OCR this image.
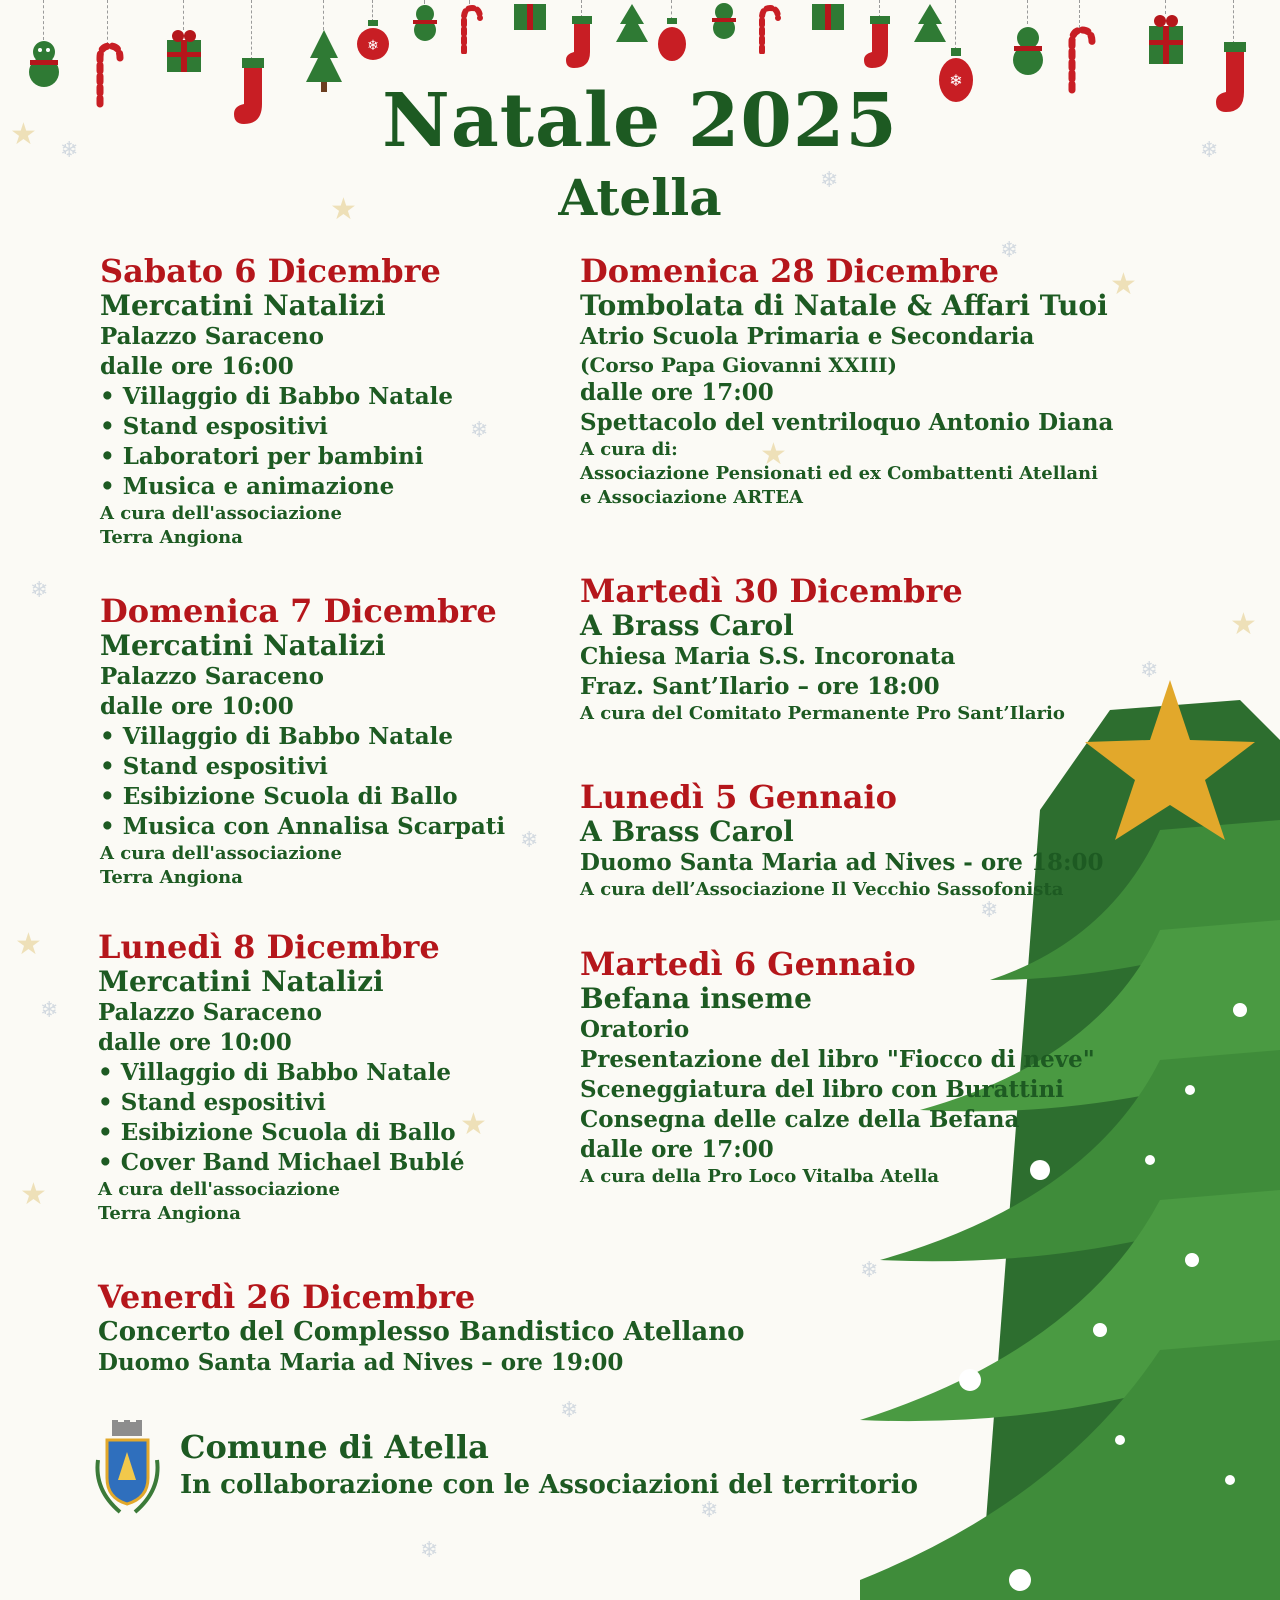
❄
❄
❄
❄
❄
❄
❄
❄
❄
❄
❄
❄
❄
❄
★
★
★
★
★
★
★
★
❄
❄
Natale 2025
Atella
Sabato 6 Dicembre
Mercatini Natalizi
Palazzo Saraceno
dalle ore 16:00
• Villaggio di Babbo Natale
• Stand espositivi
• Laboratori per bambini
• Musica e animazione
A cura dell'associazione
Terra Angiona
Domenica 7 Dicembre
Mercatini Natalizi
Palazzo Saraceno
dalle ore 10:00
• Villaggio di Babbo Natale
• Stand espositivi
• Esibizione Scuola di Ballo
• Musica con Annalisa Scarpati
A cura dell'associazione
Terra Angiona
Lunedì 8 Dicembre
Mercatini Natalizi
Palazzo Saraceno
dalle ore 10:00
• Villaggio di Babbo Natale
• Stand espositivi
• Esibizione Scuola di Ballo
• Cover Band Michael Bublé
A cura dell'associazione
Terra Angiona
Venerdì 26 Dicembre
Concerto del Complesso Bandistico Atellano
Duomo Santa Maria ad Nives – ore 19:00
Domenica 28 Dicembre
Tombolata di Natale & Affari Tuoi
Atrio Scuola Primaria e Secondaria
(Corso Papa Giovanni XXIII)
dalle ore 17:00
Spettacolo del ventriloquo Antonio Diana
A cura di:
Associazione Pensionati ed ex Combattenti Atellani
e Associazione ARTEA
Martedì 30 Dicembre
A Brass Carol
Chiesa Maria S.S. Incoronata
Fraz. Sant’Ilario – ore 18:00
A cura del Comitato Permanente Pro Sant’Ilario
Lunedì 5 Gennaio
A Brass Carol
Duomo Santa Maria ad Nives - ore 18:00
A cura dell’Associazione Il Vecchio Sassofonista
Martedì 6 Gennaio
Befana inseme
Oratorio
Presentazione del libro "Fiocco di neve"
Sceneggiatura del libro con Burattini
Consegna delle calze della Befana
dalle ore 17:00
A cura della Pro Loco Vitalba Atella
Comune di Atella
In collaborazione con le Associazioni del territorio
